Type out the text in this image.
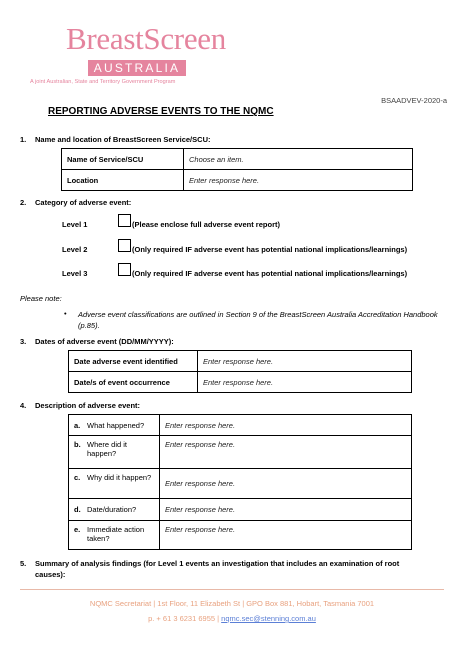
BreastScreen
AUSTRALIA
A joint Australian, State and Territory Government Program
BSAADVEV-2020-a
REPORTING ADVERSE EVENTS TO THE NQMC
1. Name and location of BreastScreen Service/SCU:
Name of Service/SCU	Choose an item.
Location	Enter response here.
2. Category of adverse event:
Level 1	(Please enclose full adverse event report)
Level 2	(Only required IF adverse event has potential national implications/learnings)
Level 3	(Only required IF adverse event has potential national implications/learnings)
Please note:
• Adverse event classifications are outlined in Section 9 of the BreastScreen Australia Accreditation Handbook (p.85).
3. Dates of adverse event (DD/MM/YYYY):
Date adverse event identified	Enter response here.
Date/s of event occurrence	Enter response here.
4. Description of adverse event:
a. What happened?	Enter response here.

b. Where did it happen?	Enter response here.

c. Why did it happen?	Enter response here.

d. Date/duration?	Enter response here.

e. Immediate action taken?	Enter response here.
5. Summary of analysis findings (for Level 1 events an investigation that includes an examination of root
causes):
NQMC Secretariat | 1st Floor, 11 Elizabeth St | GPO Box 881, Hobart, Tasmania 7001
p. + 61 3 6231 6955 | nqmc.sec@stenning.com.au
